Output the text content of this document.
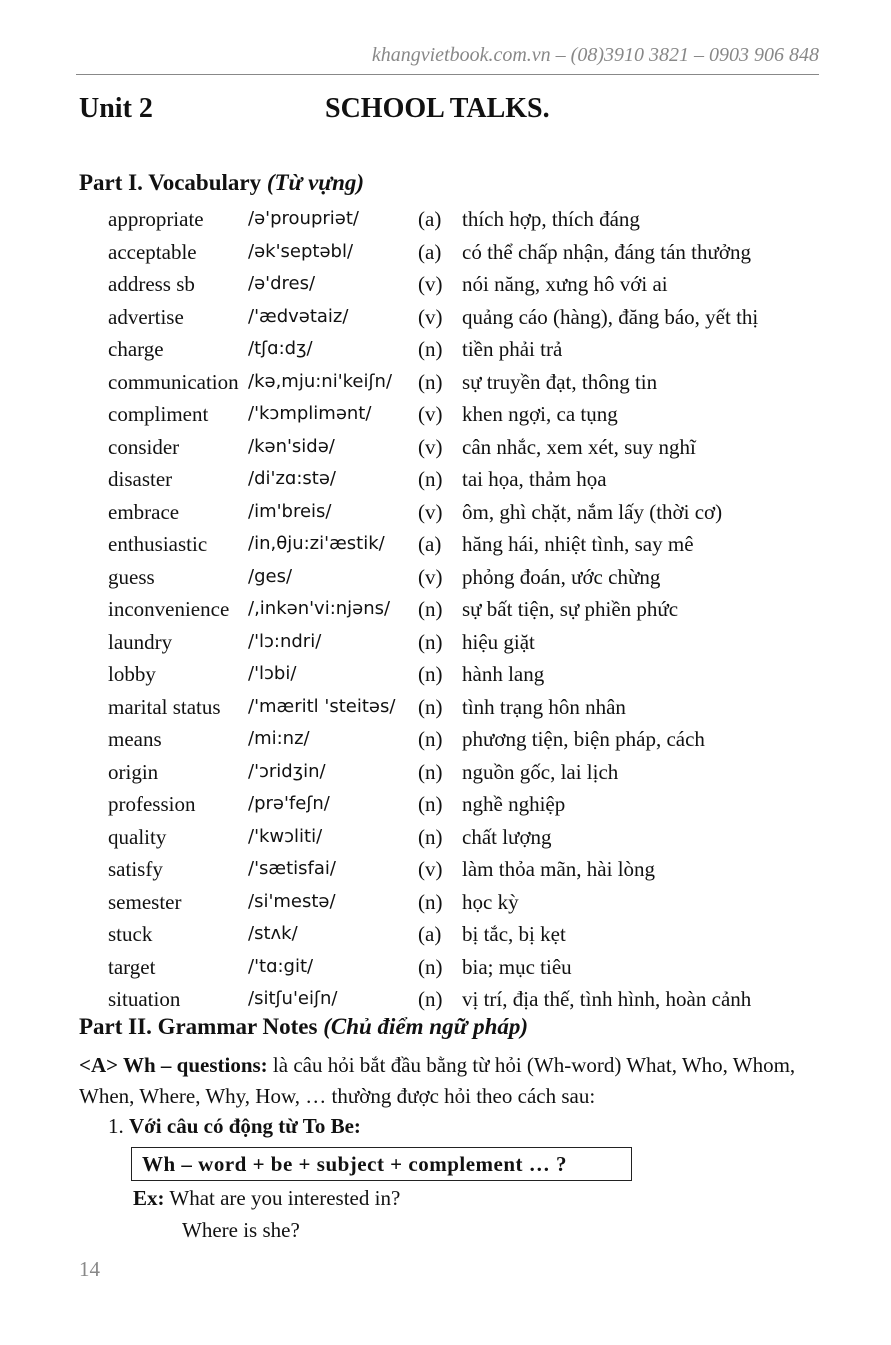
khangvietbook.com.vn – (08)3910 3821 – 0903 906 848
Unit 2	SCHOOL TALKS.
Part I. Vocabulary (Từ vựng)
appropriate /ə'proupriət/	(a) thích hợp, thích đáng
acceptable	/ək'septəbl/	(a) có thể chấp nhận, đáng tán thưởng
address sb	/ə'dres/	(v) nói năng, xưng hô với ai
advertise	/'ædvətaiz/	(v) quảng cáo (hàng), đăng báo, yết thị
charge	/tʃɑ:dʒ/	(n) tiền phải trả
communication /kə,mju:ni'keiʃn/ (n) sự truyền đạt, thông tin
compliment /'kɔmplimənt/ (v) khen ngợi, ca tụng
consider	/kən'sidə/	(v) cân nhắc, xem xét, suy nghĩ
disaster	/di'zɑ:stə/	(n) tai họa, thảm họa
embrace	/im'breis/	(v) ôm, ghì chặt, nắm lấy (thời cơ)
enthusiastic /in,θju:zi'æstik/ (a) hăng hái, nhiệt tình, say mê
guess	/ges/	(v) phỏng đoán, ước chừng
inconvenience /,inkən'vi:njəns/ (n) sự bất tiện, sự phiền phức
laundry	/'lɔ:ndri/	(n) hiệu giặt
lobby	/'lɔbi/	(n) hành lang
marital status /'mæritl 'steitəs/ (n) tình trạng hôn nhân
means	/mi:nz/	(n) phương tiện, biện pháp, cách
origin	/'ɔridʒin/	(n) nguồn gốc, lai lịch
profession	/prə'feʃn/	(n) nghề nghiệp
quality	/'kwɔliti/	(n) chất lượng
satisfy	/'sætisfai/	(v) làm thỏa mãn, hài lòng
semester	/si'mestə/	(n) học kỳ
stuck	/stʌk/	(a) bị tắc, bị kẹt
target	/'tɑ:git/	(n) bia; mục tiêu
situation	/sitʃu'eiʃn/	(n) vị trí, địa thế, tình hình, hoàn cảnh
Part II. Grammar Notes (Chủ điểm ngữ pháp)
<A> Wh – questions: là câu hỏi bắt đầu bằng từ hỏi (Wh-word) What, Who, Whom, When, Where, Why, How, … thường được hỏi theo cách sau:
1. Với câu có động từ To Be:
Wh – word + be + subject + complement … ?
Ex: What are you interested in?
Where is she?
14
